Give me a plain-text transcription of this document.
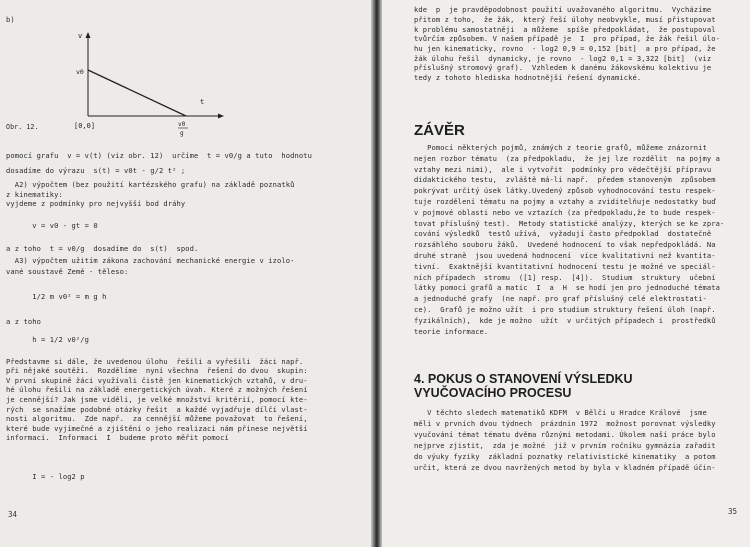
b)
v
t
v0
[0,0]	v0
g
Obr. 12.
pomocí grafu  v = v(t) (viz obr. 12)  určíme  t = v0/g a tuto  hodnotu
dosadíme do výrazu  s(t) = v0t - g/2 t² ;
A2) výpočtem (bez použití kartézského grafu) na základě poznatků
z kinematiky:
vyjdeme z podmínky pro nejvyšší bod dráhy
v = v0 - gt = 0
a z toho  t = v0/g  dosadíme do  s(t)  spod.
A3) výpočtem užitím zákona zachování mechanické energie v izolo-
vané soustavě Země - těleso:
1/2 m v0² = m g h
a z toho
h = 1/2 v0²/g
Představme si dále, že uvedenou úlohu  řešili a vyřešili  žáci např.
při nějaké soutěži.  Rozdělíme  nyní všechna  řešení do dvou  skupin:
V první skupině žáci využívali čistě jen kinematických vztahů, v dru-
hé úlohu řešili na základě energetických úvah. Které z možných řešení
je cennější? Jak jsme viděli, je velké množství kritérií, pomocí kte-
rých  se snažíme podobné otázky řešit  a každé vyjadřuje dílčí vlast-
nosti algoritmu.  Zde např.  za cennější můžeme považovat  to řešení,
které bude vyjímečné a zjištění o jeho realizaci nám přinese největší
informaci.  Informaci  I  budeme proto měřit pomocí
I = - log2 p
34
kde  p  je pravděpodobnost použití uvažovaného algoritmu.  Vycházíme
přitom z toho,  že žák,  který řeší úlohy neobvykle, musí přistupovat
k problému samostatněji  a můžeme  spíše předpokládat,  že postupoval
tvůrčím způsobem. V našem případě je  I  pro případ, že žák řešil úlo-
hu jen kinematicky, rovno  - log2 0,9 = 0,152 [bit]  a pro případ, že
žák úlohu řešil  dynamicky, je rovno  - log2 0,1 = 3,322 [bit]  (viz
příslušný stromový graf).  Vzhledem k danému žákovskému kolektivu je
tedy z tohoto hlediska hodnotnější řešení dynamické.
ZÁVĚR
Pomocí některých pojmů, známých z teorie grafů, můžeme znázornit
nejen rozbor tématu  (za předpokladu,  že jej lze rozdělit  na pojmy a
vztahy mezi nimi),  ale i vytvořit  podmínky pro vědečtější přípravu
didaktického testu,  zvláště má-li např.  předem stanoveným  způsobem
pokrývat určitý úsek látky.Uvedený způsob vyhodnocování testu respek-
tuje rozdělení tématu na pojmy a vztahy a zviditelňuje nedostatky buď
v pojmové oblasti nebo ve vztazích (za předpokladu,že to bude respek-
tovat příslušný test).  Metody statistické analýzy, kterých se ke zpra-
cování výsledků  testů užívá,  vyžadují často předpoklad  dostatečně
rozsáhlého souboru žáků.  Uvedené hodnocení to však nepředpokládá. Na
druhé straně  jsou uvedená hodnocení  více kvalitativní než kvantita-
tivní.  Exaktnější kvantitativní hodnocení testu je možné ve speciál-
ních případech  stromu  ([1] resp.  [4]).  Studium  struktury  učební
látky pomocí grafů a matic  I  a  H  se hodí jen pro jednoduché témata
a jednoduché grafy  (ne např. pro graf příslušný celé elektrostati-
ce).  Grafů je možno užít  i pro studium struktury řešení úloh (např.
fyzikálních),  kde je možno  užít  v určitých případech i  prostředků
teorie informace.
4. POKUS O STANOVENÍ VÝSLEDKU
VYUČOVACÍHO PROCESU
V těchto sledech matematiků KDFM  v Bělči u Hradce Králové  jsme
měli v prvních dvou týdnech  prázdnin 1972  možnost porovnat výsledky
vyučování témat tématu dvěma různými metodami. Úkolem naší práce bylo
nejprve zjistit,  zda je možné  již v prvním ročníku gymnázia zařadit
do výuky fyziky  základní poznatky relativistické kinematiky  a potom
určit, která ze dvou navržených metod by byla v kladném případě účin-
35
